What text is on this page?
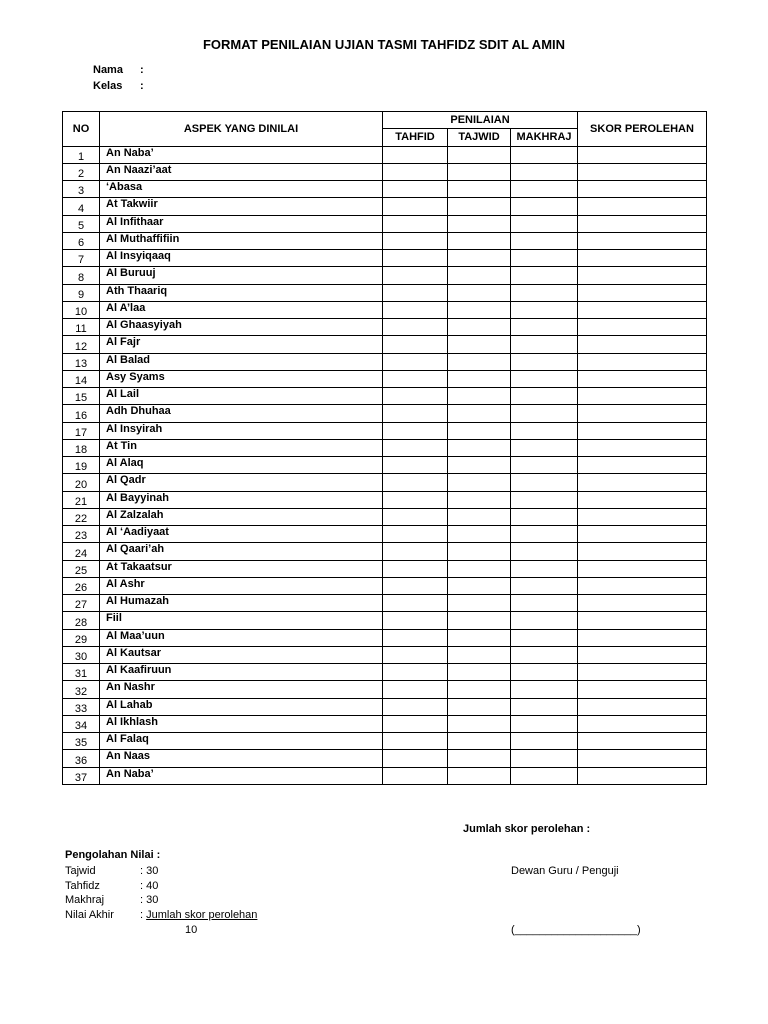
FORMAT PENILAIAN UJIAN TASMI TAHFIDZ SDIT AL AMIN
Nama :
Kelas :
NO	ASPEK YANG DINILAI	PENILAIAN			SKOR PEROLEHAN
		TAHFID	TAJWID	MAKHRAJ	
1	An Naba’				
2	An Naazi’aat				
3	‘Abasa				
4	At Takwiir				
5	Al Infithaar				
6	Al Muthaffifiin				
7	Al Insyiqaaq				
8	Al Buruuj				
9	Ath Thaariq				
10	Al A’laa				
11	Al Ghaasyiyah				
12	Al Fajr				
13	Al Balad				
14	Asy Syams				
15	Al Lail				
16	Adh Dhuhaa				
17	Al Insyirah				
18	At Tin				
19	Al Alaq				
20	Al Qadr				
21	Al Bayyinah				
22	Al Zalzalah				
23	Al ‘Aadiyaat				
24	Al Qaari’ah				
25	At Takaatsur				
26	Al Ashr				
27	Al Humazah				
28	Fiil				
29	Al Maa’uun				
30	Al Kautsar				
31	Al Kaafiruun				
32	An Nashr				
33	Al Lahab				
34	Al Ikhlash				
35	Al Falaq				
36	An Naas				
37	An Naba’				
Jumlah skor perolehan :
Pengolahan Nilai :
Tajwid	: 30
Tahfidz	: 40
Makhraj	: 30
Nilai Akhir : Jumlah skor perolehan
10
Dewan Guru / Penguji
(____________________)
